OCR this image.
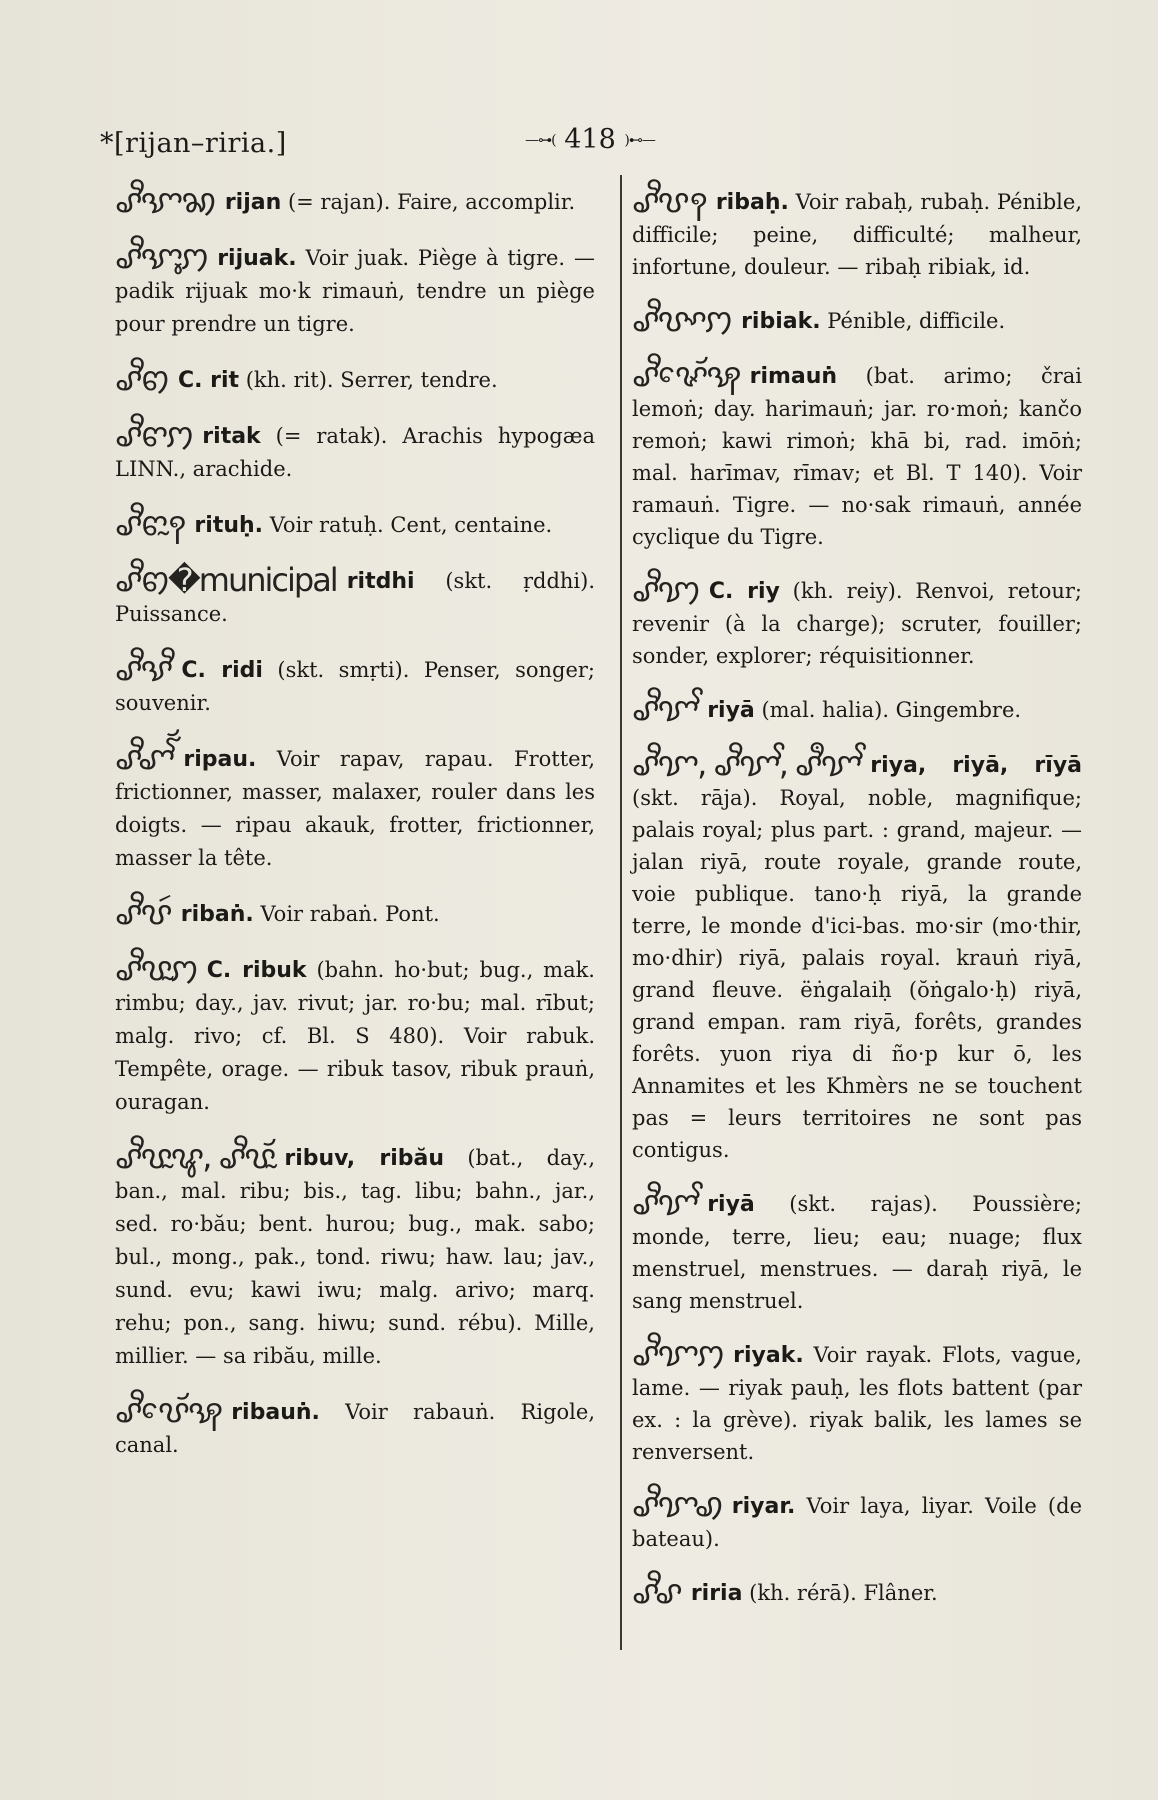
*[rijan–riria.]	—⊶( 418 )⊷—
ꨣꨪꨎꩆ rijan (= rajan). Faire, accomplir.
ꨣꨪꨎꨶꩀ rijuak. Voir juak. Piège à tigre. — padik rijuak mo·k rimauṅ, tendre un piège pour prendre un tigre.
ꨣꨪꩅ C. rit (kh. rit). Serrer, tendre.
ꨣꨪꨓꩀ ritak (= ratak). Arachis hypogæa LINN., arachide.
ꨣꨪꨓꨭꩍ rituḥ. Voir ratuḥ. Cent, centaine.
ꨣꨪꩅ�municipal ritdhi (skt. ṛddhi). Puissance.
ꨣꨪꨕꨪ C. ridi (skt. smṛti). Penser, songer; souvenir.
ꨣꨪꨚꨮꨱ ripau. Voir rapav, rapau. Frotter, frictionner, masser, malaxer, rouler dans les doigts. — ripau akauk, frotter, frictionner, masser la tête.
ꨣꨪꨝꩃ ribaṅ. Voir rabaṅ. Pont.
ꨣꨪꨝꨭꩀ C. ribuk (bahn. ho·but; bug., mak. rimbu; day., jav. rivut; jar. ro·bu; mal. rībut; malg. rivo; cf. Bl. S 480). Voir rabuk. Tempête, orage. — ribuk tasov, ribuk prauṅ, ouragan.
ꨣꨪꨝꨭꨥ, ꨣꨪꨝꨮꨭ ribuv, ribău (bat., day., ban., mal. ribu; bis., tag. libu; bahn., jar., sed. ro·bău; bent. hurou; bug., mak. sabo; bul., mong., pak., tond. riwu; haw. lau; jav., sund. evu; kawi iwu; malg. arivo; marq. rehu; pon., sang. hiwu; sund. rébu). Mille, millier. — sa ribău, mille.
ꨣꨪꨝꨯꨮꩂ ribauṅ. Voir rabauṅ. Rigole, canal.
ꨣꨪꨝꩍ ribaḥ. Voir rabaḥ, rubaḥ. Pénible, difficile; peine, difficulté; malheur, infortune, douleur. — ribaḥ ribiak, id.
ꨣꨪꨝꨳꩀ ribiak. Pénible, difficile.
ꨣꨪꨟꨯꨮꩂ rimauṅ (bat. arimo; črai lemoṅ; day. harimauṅ; jar. ro·moṅ; kančo remoṅ; kawi rimoṅ; khā bi, rad. imōṅ; mal. harīmav, rīmav; et Bl. T 140). Voir ramauṅ. Tigre. — no·sak rimauṅ, année cyclique du Tigre.
ꨣꨪꩈ C. riy (kh. reiy). Renvoi, retour; revenir (à la charge); scruter, fouiller; sonder, explorer; réquisitionner.
ꨣꨪꨢꨩ riyā (mal. halia). Gingembre.
ꨣꨪꨢ, ꨣꨪꨢꨩ, ꨣꨫꨢꨩ riya, riyā, rīyā (skt. rāja). Royal, noble, magnifique; palais royal; plus part. : grand, majeur. — jalan riyā, route royale, grande route, voie publique. tano·ḥ riyā, la grande terre, le monde d'ici-bas. mo·sir (mo·thir, mo·dhir) riyā, palais royal. krauṅ riyā, grand fleuve. ëṅgalaiḥ (ŏṅgalo·ḥ) riyā, grand empan. ram riyā, forêts, grandes forêts. yuon riya di ño·p kur ō, les Annamites et les Khmèrs ne se touchent pas = leurs territoires ne sont pas contigus.
ꨣꨪꨢꨩ riyā (skt. rajas). Poussière; monde, terre, lieu; eau; nuage; flux menstruel, menstrues. — daraḥ riyā, le sang menstruel.
ꨣꨪꨢꩀ riyak. Voir rayak. Flots, vague, lame. — riyak pauḥ, les flots battent (par ex. : la grève). riyak balik, les lames se renversent.
ꨣꨪꨢꩉ riyar. Voir laya, liyar. Voile (de bateau).
ꨣꨪꨣ riria (kh. rérā). Flâner.
